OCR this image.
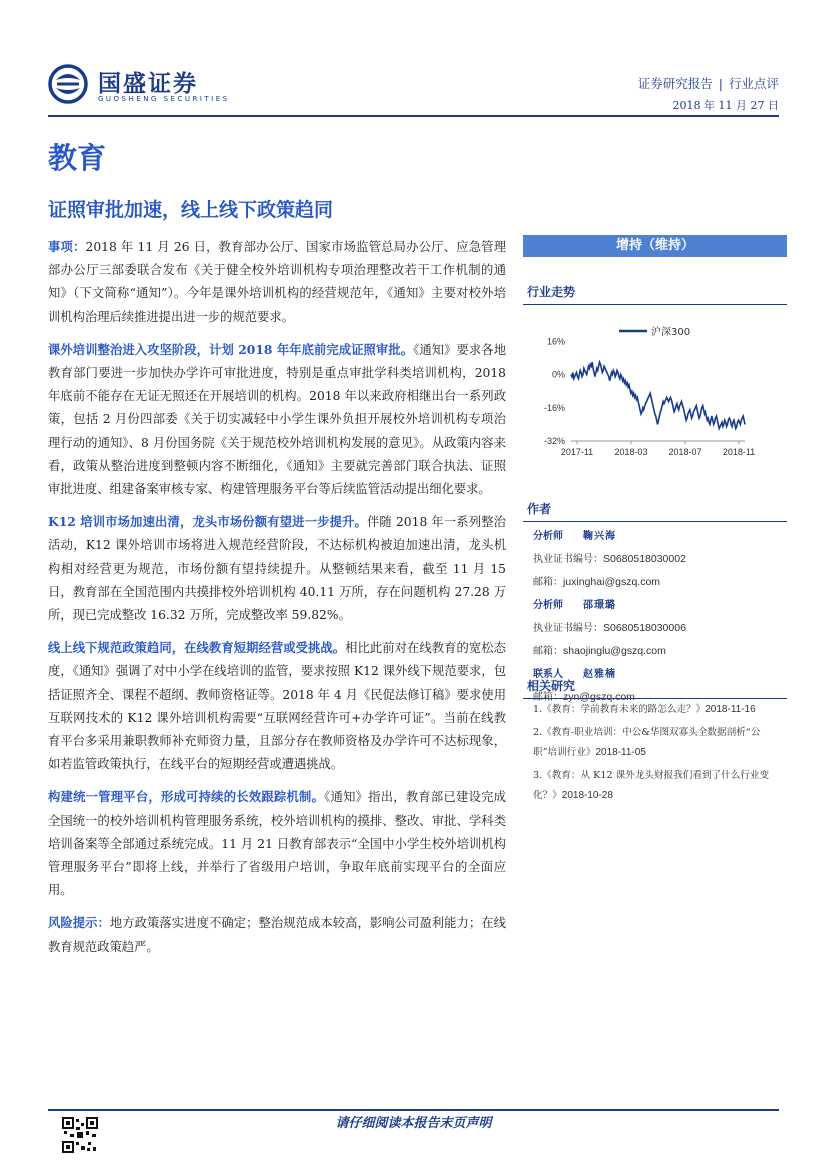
国盛证券
GUOSHENG SECURITIES
证券研究报告 | 行业点评
2018 年 11 月 27 日
教育
证照审批加速，线上线下政策趋同

事项：2018 年 11 月 26 日，教育部办公厅、国家市场监管总局办公厅、应急管理部办公厅三部委联合发布《关于健全校外培训机构专项治理整改若干工作机制的通知》（下文简称“通知”）。今年是课外培训机构的经营规范年，《通知》主要对校外培训机构治理后续推进提出进一步的规范要求。

课外培训整治进入攻坚阶段，计划 2018 年年底前完成证照审批。《通知》要求各地教育部门要进一步加快办学许可审批进度，特别是重点审批学科类培训机构，2018 年底前不能存在无证无照还在开展培训的机构。2018 年以来政府相继出台一系列政策，包括 2 月份四部委《关于切实减轻中小学生课外负担开展校外培训机构专项治理行动的通知》、8 月份国务院《关于规范校外培训机构发展的意见》。从政策内容来看，政策从整治进度到整顿内容不断细化，《通知》主要就完善部门联合执法、证照审批进度、组建备案审核专家、构建管理服务平台等后续监管活动提出细化要求。

K12 培训市场加速出清，龙头市场份额有望进一步提升。伴随 2018 年一系列整治活动，K12 课外培训市场将进入规范经营阶段，不达标机构被迫加速出清，龙头机构相对经营更为规范，市场份额有望持续提升。从整顿结果来看，截至 11 月 15 日，教育部在全国范围内共摸排校外培训机构 40.11 万所，存在问题机构 27.28 万所，现已完成整改 16.32 万所，完成整改率 59.82%。

线上线下规范政策趋同，在线教育短期经营或受挑战。相比此前对在线教育的宽松态度，《通知》强调了对中小学在线培训的监管，要求按照 K12 课外线下规范要求，包括证照齐全、课程不超纲、教师资格证等。2018 年 4 月《民促法修订稿》要求使用互联网技术的 K12 课外培训机构需要“互联网经营许可+办学许可证”。当前在线教育平台多采用兼职教师补充师资力量，且部分存在教师资格及办学许可不达标现象，如若监管政策执行，在线平台的短期经营或遭遇挑战。

构建统一管理平台，形成可持续的长效跟踪机制。《通知》指出，教育部已建设完成全国统一的校外培训机构管理服务系统，校外培训机构的摸排、整改、审批、学科类培训备案等全部通过系统完成。11 月 21 日教育部表示“全国中小学生校外培训机构管理服务平台”即将上线，并举行了省级用户培训，争取年底前实现平台的全面应用。

风险提示：地方政策落实进度不确定；整治规范成本较高，影响公司盈利能力；在线教育规范政策趋严。

增持（维持）
行业走势
16%
0%
-16%
-32%
2017-11 2018-03 2018-07 2018-11
沪深300
作者
分析师 鞠兴海
执业证书编号：S0680518030002
邮箱：juxinghai@gszq.com
分析师 邵璟璐
执业证书编号：S0680518030006
邮箱：shaojinglu@gszq.com
联系人 赵雅楠
邮箱：zyn@gszq.com
相关研究
1.《教育：学前教育未来的路怎么走？》2018-11-16
2.《教育-职业培训：中公&华图双寡头全数据剖析“公职”培训行业》2018-11-05
3.《教育：从 K12 课外龙头财报我们看到了什么行业变化？》2018-10-28
请仔细阅读本报告末页声明
